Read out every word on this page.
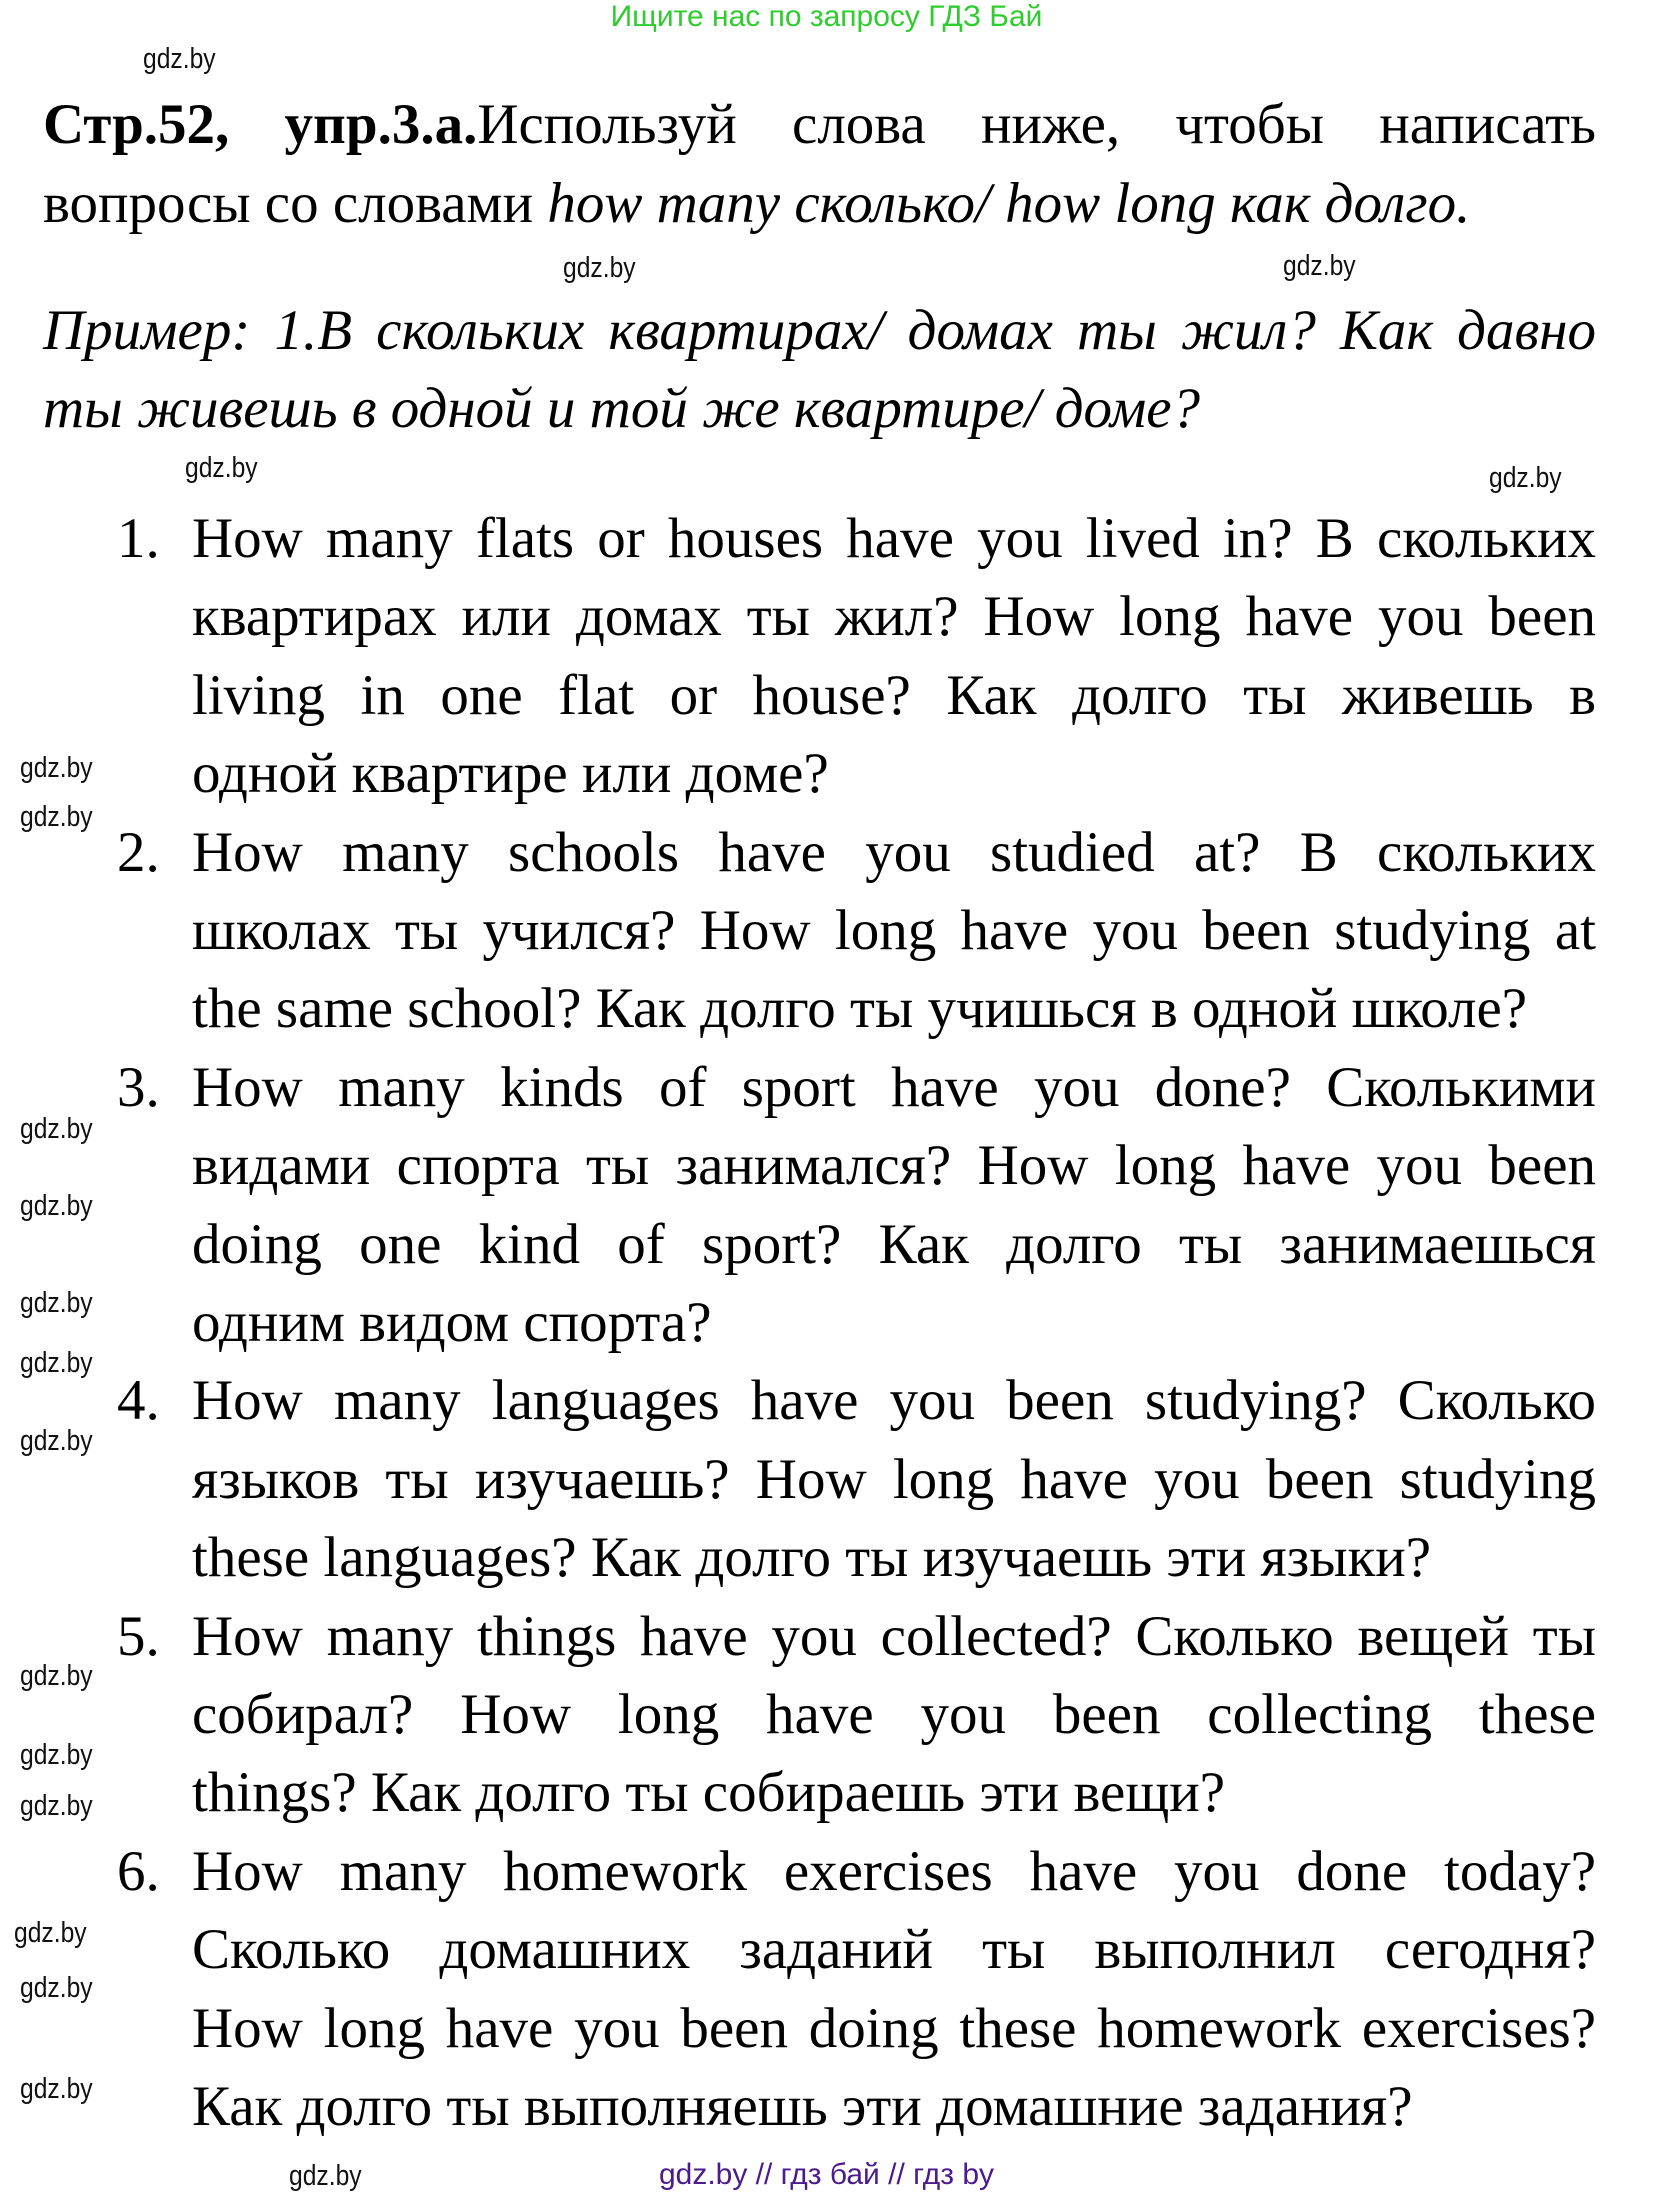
Ищите нас по запросу ГДЗ Бай
Стр.52, упр.3.а.Используй слова ниже, чтобы написать
вопросы со словами how many сколько/ how long как долго.
Пример: 1.В скольких квартирах/ домах ты жил? Как давно
ты живешь в одной и той же квартире/ доме?
1. How many flats or houses have you lived in? В скольких
квартирах или домах ты жил? How long have you been
living in one flat or house? Как долго ты живешь в
одной квартире или доме?
2. How many schools have you studied at? В скольких
школах ты учился? How long have you been studying at
the same school? Как долго ты учишься в одной школе?
3. How many kinds of sport have you done? Сколькими
видами спорта ты занимался? How long have you been
doing one kind of sport? Как долго ты занимаешься
одним видом спорта?
4. How many languages have you been studying? Сколько
языков ты изучаешь? How long have you been studying
these languages? Как долго ты изучаешь эти языки?
5. How many things have you collected? Сколько вещей ты
собирал? How long have you been collecting these
things? Как долго ты собираешь эти вещи?
6. How many homework exercises have you done today?
Сколько домашних заданий ты выполнил сегодня?
How long have you been doing these homework exercises?
Как долго ты выполняешь эти домашние задания?
gdz.by
gdz.by
gdz.by
gdz.by	gdz.by
gdz.by
gdz.by
gdz.by
gdz.by
gdz.by
gdz.by
gdz.by
gdz.by
gdz.by
gdz.by
gdz.by
gdz.by
gdz.by
gdz.by	gdz.by // гдз бай // гдз by
